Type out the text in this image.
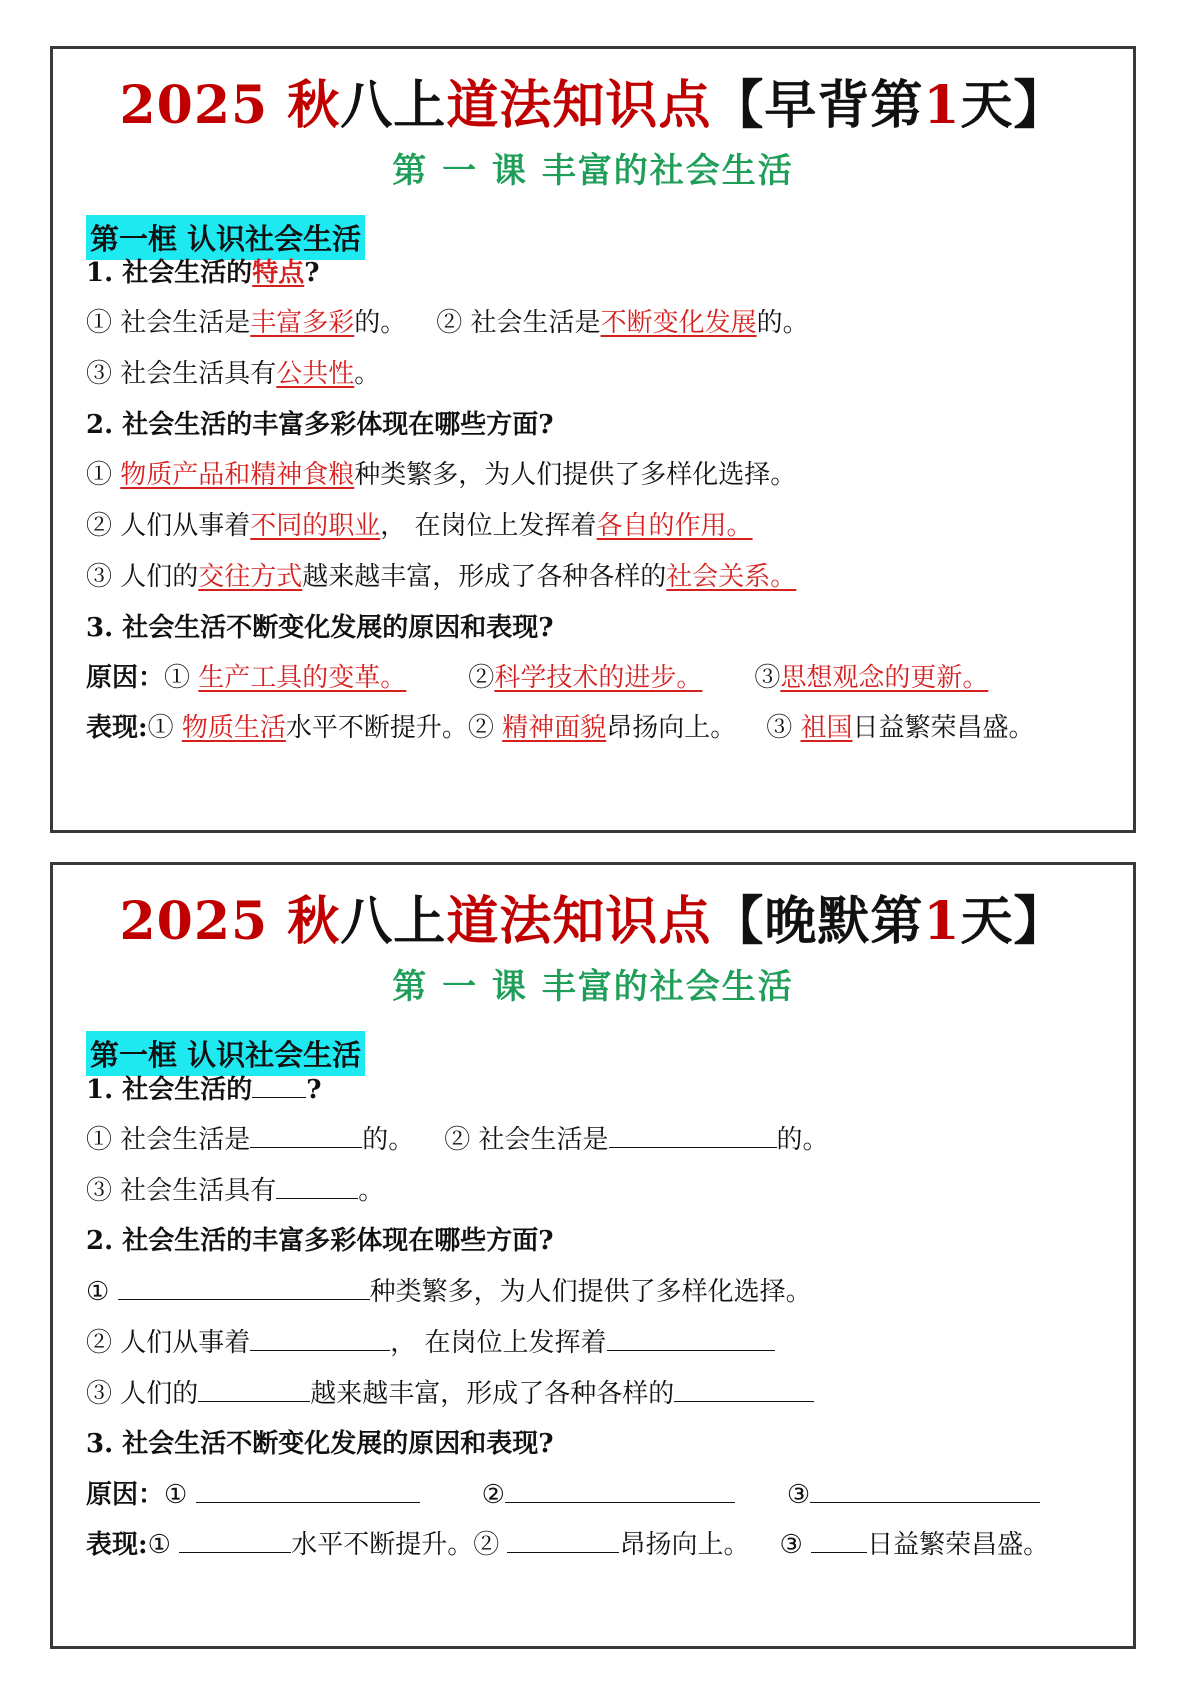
2025 秋八上道法知识点【早背第1天】
第 一 课 丰富的社会生活
第一框 认识社会生活
1. 社会生活的特点?
① 社会生活是丰富多彩的。 ② 社会生活是不断变化发展的。
③ 社会生活具有公共性。
2. 社会生活的丰富多彩体现在哪些方面?
① 物质产品和精神食粮种类繁多，为人们提供了多样化选择。
② 人们从事着不同的职业， 在岗位上发挥着各自的作用。
③ 人们的交往方式越来越丰富，形成了各种各样的社会关系。
3. 社会生活不断变化发展的原因和表现?
原因：① 生产工具的变革。 ②科学技术的进步。 ③思想观念的更新。
表现:① 物质生活水平不断提升。② 精神面貌昂扬向上。 ③ 祖国日益繁荣昌盛。
2025 秋八上道法知识点【晚默第1天】
第 一 课 丰富的社会生活
第一框 认识社会生活
1. 社会生活的 ?
① 社会生活是	的。 ② 社会生活是	的。
③ 社会生活具有	。
2. 社会生活的丰富多彩体现在哪些方面?
①	种类繁多，为人们提供了多样化选择。
② 人们从事着	， 在岗位上发挥着
③ 人们的	越来越丰富，形成了各种各样的
3. 社会生活不断变化发展的原因和表现?
原因：①	②	③
表现:①	水平不断提升。②	昂扬向上。 ③ 日益繁荣昌盛。
